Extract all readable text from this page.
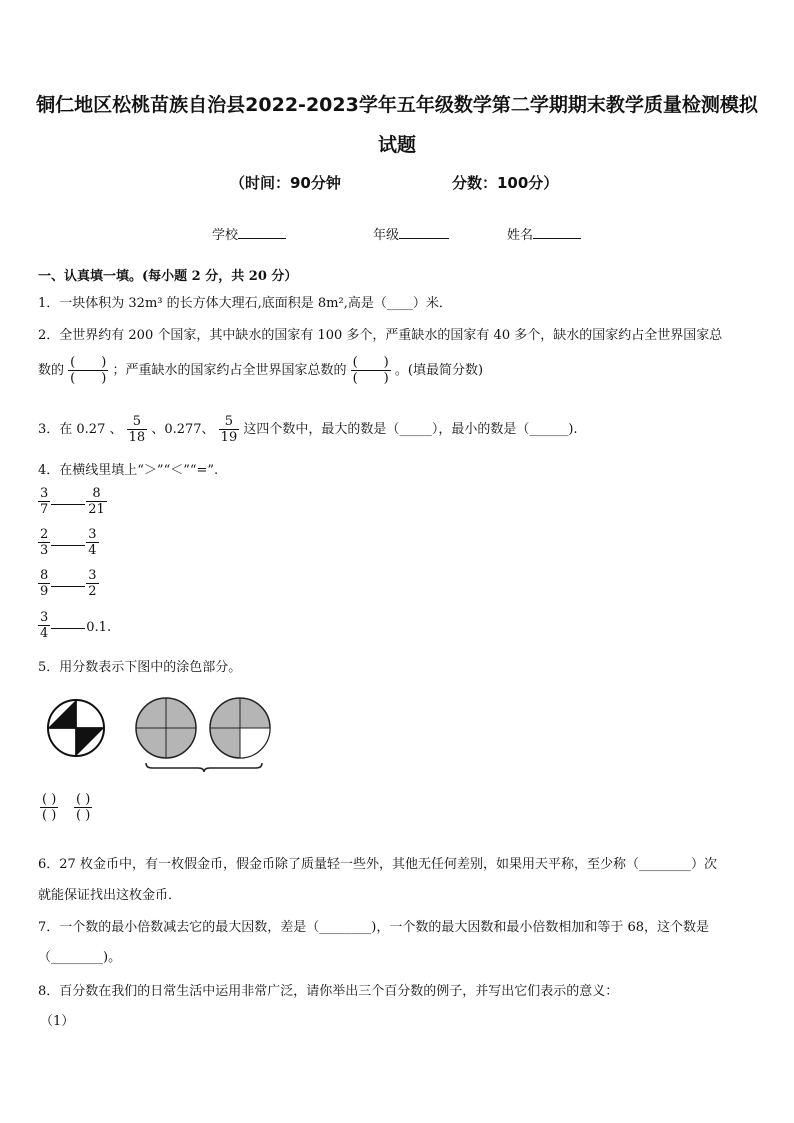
铜仁地区松桃苗族自治县2022-2023学年五年级数学第二学期期末教学质量检测模拟
试题
（时间：90分钟	分数：100分）
学校	年级	姓名
一、认真填一填。(每小题 2 分，共 20 分）
1．一块体积为 32m³ 的长方体大理石,底面积是 8m²,高是（____）米．
2．全世界约有 200 个国家，其中缺水的国家有 100 多个，严重缺水的国家有 40 多个，缺水的国家约占全世界国家总
数的 $\frac{( )}{( )}$ ；严重缺水的国家约占全世界国家总数的 $\frac{( )}{( )}$ 。(填最简分数)
3．在 0.27 、 $\frac{5}{18}$ 、0.277、 $\frac{5}{19}$ 这四个数中，最大的数是（_____），最小的数是（______).
4．在横线里填上“＞”“＜”“=”.
$\frac{3}{7}$	$\frac{8}{21}$
$\frac{2}{3}$	$\frac{3}{4}$
$\frac{8}{9}$	$\frac{3}{2}$
$\frac{3}{4}$	0.1.
5．用分数表示下图中的涂色部分。
$\frac{( )}{( )} \frac{( )}{( )}$
6．27 枚金币中，有一枚假金币，假金币除了质量轻一些外，其他无任何差别，如果用天平称，至少称（________）次
就能保证找出这枚金币．
7．一个数的最小倍数减去它的最大因数，差是（________)，一个数的最大因数和最小倍数相加和等于 68，这个数是
（________)。
8．百分数在我们的日常生活中运用非常广泛，请你举出三个百分数的例子，并写出它们表示的意义：
（1）
